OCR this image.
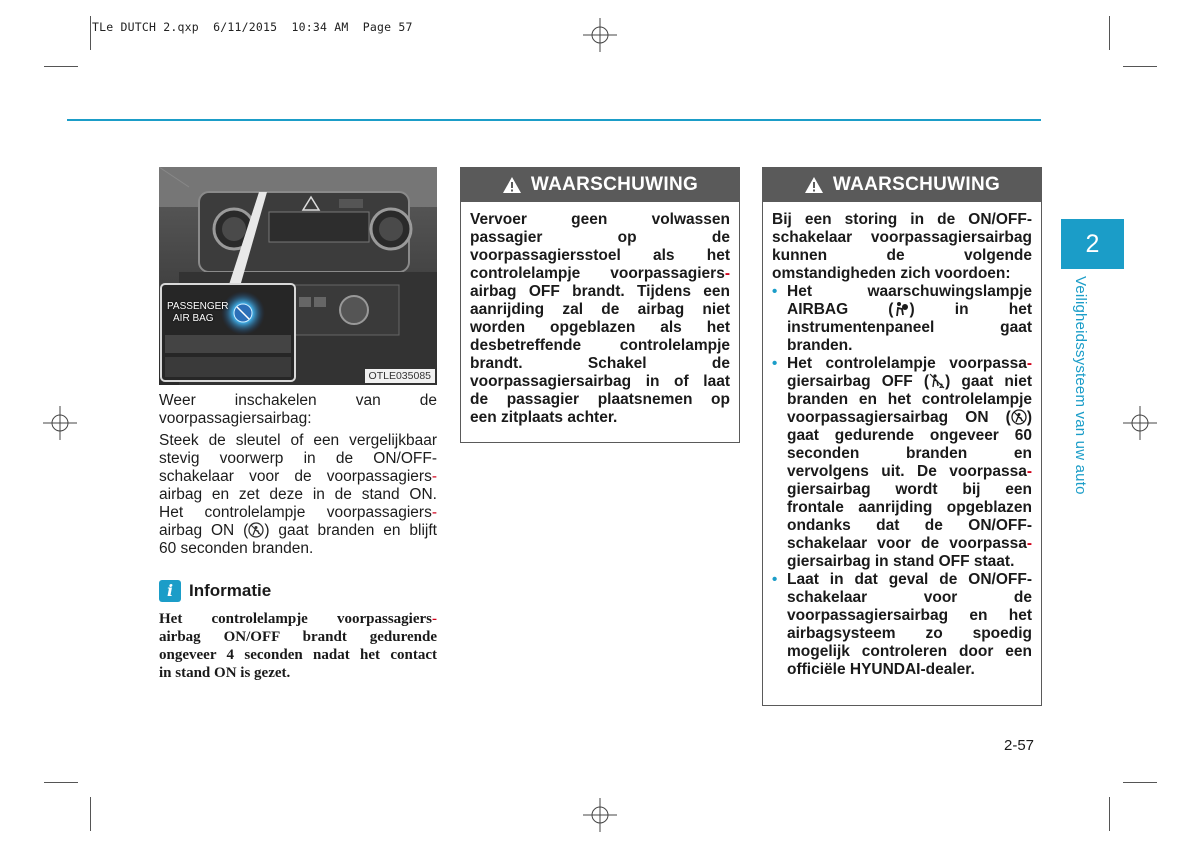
TLe DUTCH 2.qxp  6/11/2015  10:34 AM  Page 57
PASSENGER
AIR BAG
OTLE035085
Weer inschakelen van de
voorpassagiersairbag:
Steek de sleutel of een vergelijkbaar
stevig voorwerp in de ON/OFF-
schakelaar voor de voorpassagiers-
airbag en zet deze in de stand ON.
Het controlelampje voorpassagiers-
airbag ON ( ) gaat branden en blijft
60 seconden branden.
i Informatie
Het controlelampje voorpassagiers-
airbag ON/OFF brandt gedurende
ongeveer 4 seconden nadat het contact
in stand ON is gezet.
WAARSCHUWING
Vervoer geen volwassen
passagier op de
voorpassagiersstoel als het
controlelampje voorpassagiers-
airbag OFF brandt. Tijdens een
aanrijding zal de airbag niet
worden opgeblazen als het
desbetreffende controlelampje
brandt. Schakel de
voorpassagiersairbag in of laat
de passagier plaatsnemen op
een zitplaats achter.
WAARSCHUWING
Bij een storing in de ON/OFF-
schakelaar voorpassagiersairbag
kunnen de volgende
omstandigheden zich voordoen:
• Het waarschuwingslampje
AIRBAG ( ) in het
instrumentenpaneel gaat
branden.
• Het controlelampje voorpassa-
giersairbag OFF ( 2 ) gaat niet
branden en het controlelampje
voorpassagiersairbag ON ( )
gaat gedurende ongeveer 60
seconden branden en
vervolgens uit. De voorpassa-
giersairbag wordt bij een
frontale aanrijding opgeblazen
ondanks dat de ON/OFF-
schakelaar voor de voorpassa-
giersairbag in stand OFF staat.
• Laat in dat geval de ON/OFF-
schakelaar voor de
voorpassagiersairbag en het
airbagsysteem zo spoedig
mogelijk controleren door een
officiële HYUNDAI-dealer.
2
Veiligheidssysteem van uw auto
2-57
